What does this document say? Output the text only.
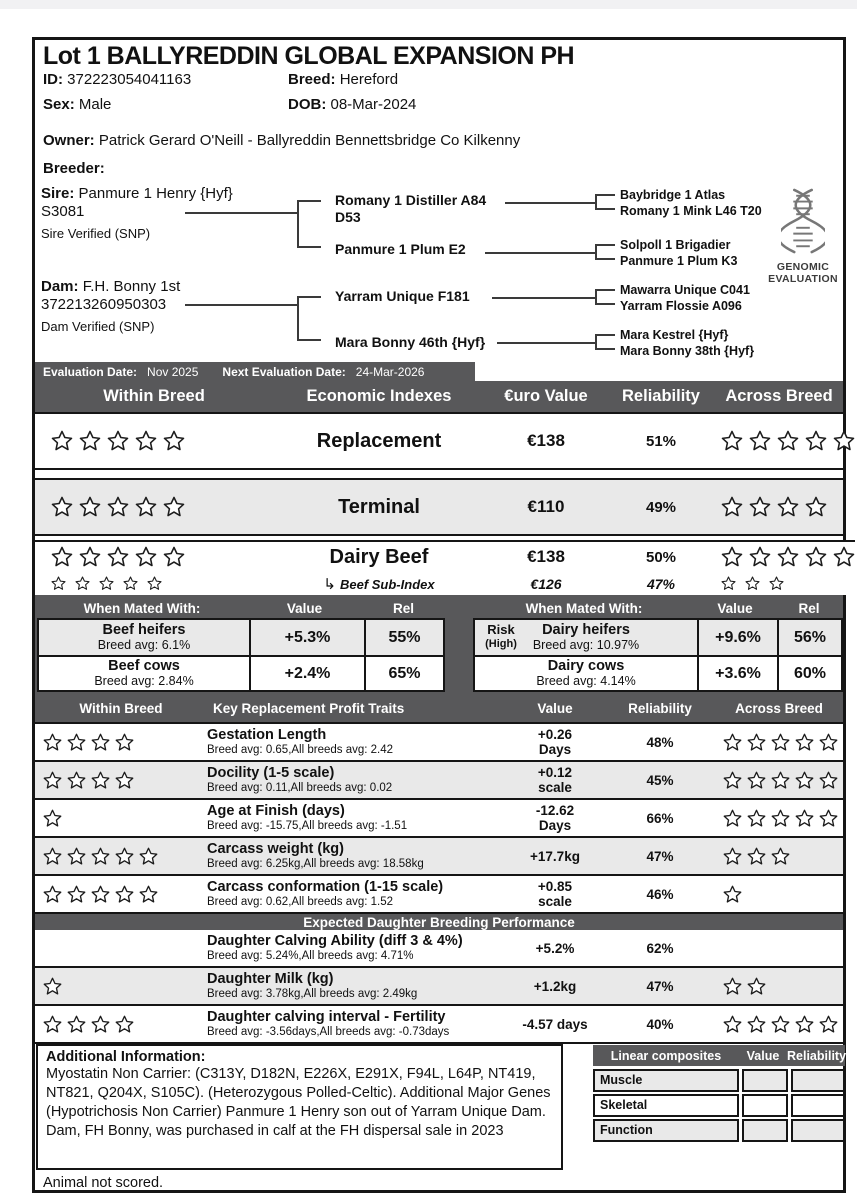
Lot 1 BALLYREDDIN GLOBAL EXPANSION PH
ID: 372223054041163	Breed: Hereford
Sex: Male	DOB: 08-Mar-2024
Owner: Patrick Gerard O'Neill - Ballyreddin Bennettsbridge Co Kilkenny
Breeder:
Sire: Panmure 1 Henry {Hyf}
S3081
Sire Verified (SNP)
Dam: F.H. Bonny 1st
372213260950303
Dam Verified (SNP)
Romany 1 Distiller A84 D53
Panmure 1 Plum E2
Yarram Unique F181
Mara Bonny 46th {Hyf}
Baybridge 1 Atlas
Romany 1 Mink L46 T20
Solpoll 1 Brigadier
Panmure 1 Plum K3
Mawarra Unique C041
Yarram Flossie A096
Mara Kestrel {Hyf}
Mara Bonny 38th {Hyf}
GENOMIC EVALUATION
Evaluation Date: Nov 2025 Next Evaluation Date: 24-Mar-2026
Within Breed	Economic Indexes	€uro Value	Reliability	Across Breed
Replacement	€138	51%
Terminal	€110	49%
Dairy Beef	€138	50%
↳ Beef Sub-Index	€126	47%
When Mated With:	Value	Rel
Beef heifers
Breed avg: 6.1%	+5.3%	55%
Beef cows
Breed avg: 2.84%	+2.4%	65%
When Mated With:	Value	Rel
Risk
(High)
Dairy heifers
Breed avg: 10.97%	+9.6%	56%
Dairy cows
Breed avg: 4.14%	+3.6%	60%
Within Breed	Key Replacement Profit Traits	Value	Reliability	Across Breed
Gestation Length
Breed avg: 0.65,All breeds avg: 2.42
+0.26
Days	48%
Docility (1-5 scale)
Breed avg: 0.11,All breeds avg: 0.02
+0.12
scale	45%
Age at Finish (days)
Breed avg: -15.75,All breeds avg: -1.51
-12.62
Days	66%
Carcass weight (kg)
Breed avg: 6.25kg,All breeds avg: 18.58kg
+17.7kg	47%
Carcass conformation (1-15 scale)
Breed avg: 0.62,All breeds avg: 1.52
+0.85
scale	46%
Expected Daughter Breeding Performance
Daughter Calving Ability (diff 3 & 4%)
Breed avg: 5.24%,All breeds avg: 4.71%
+5.2%	62%
Daughter Milk (kg)
Breed avg: 3.78kg,All breeds avg: 2.49kg
+1.2kg	47%
Daughter calving interval - Fertility
Breed avg: -3.56days,All breeds avg: -0.73days
-4.57 days	40%
Additional Information:
Myostatin Non Carrier: (C313Y, D182N, E226X, E291X, F94L, L64P, NT419, NT821, Q204X, S105C). (Heterozygous Polled-Celtic). Additional Major Genes (Hypotrichosis Non Carrier) Panmure 1 Henry son out of Yarram Unique Dam. Dam, FH Bonny, was purchased in calf at the FH dispersal sale in 2023
Animal not scored.
Linear composites	Value Reliability
Muscle
Skeletal
Function
